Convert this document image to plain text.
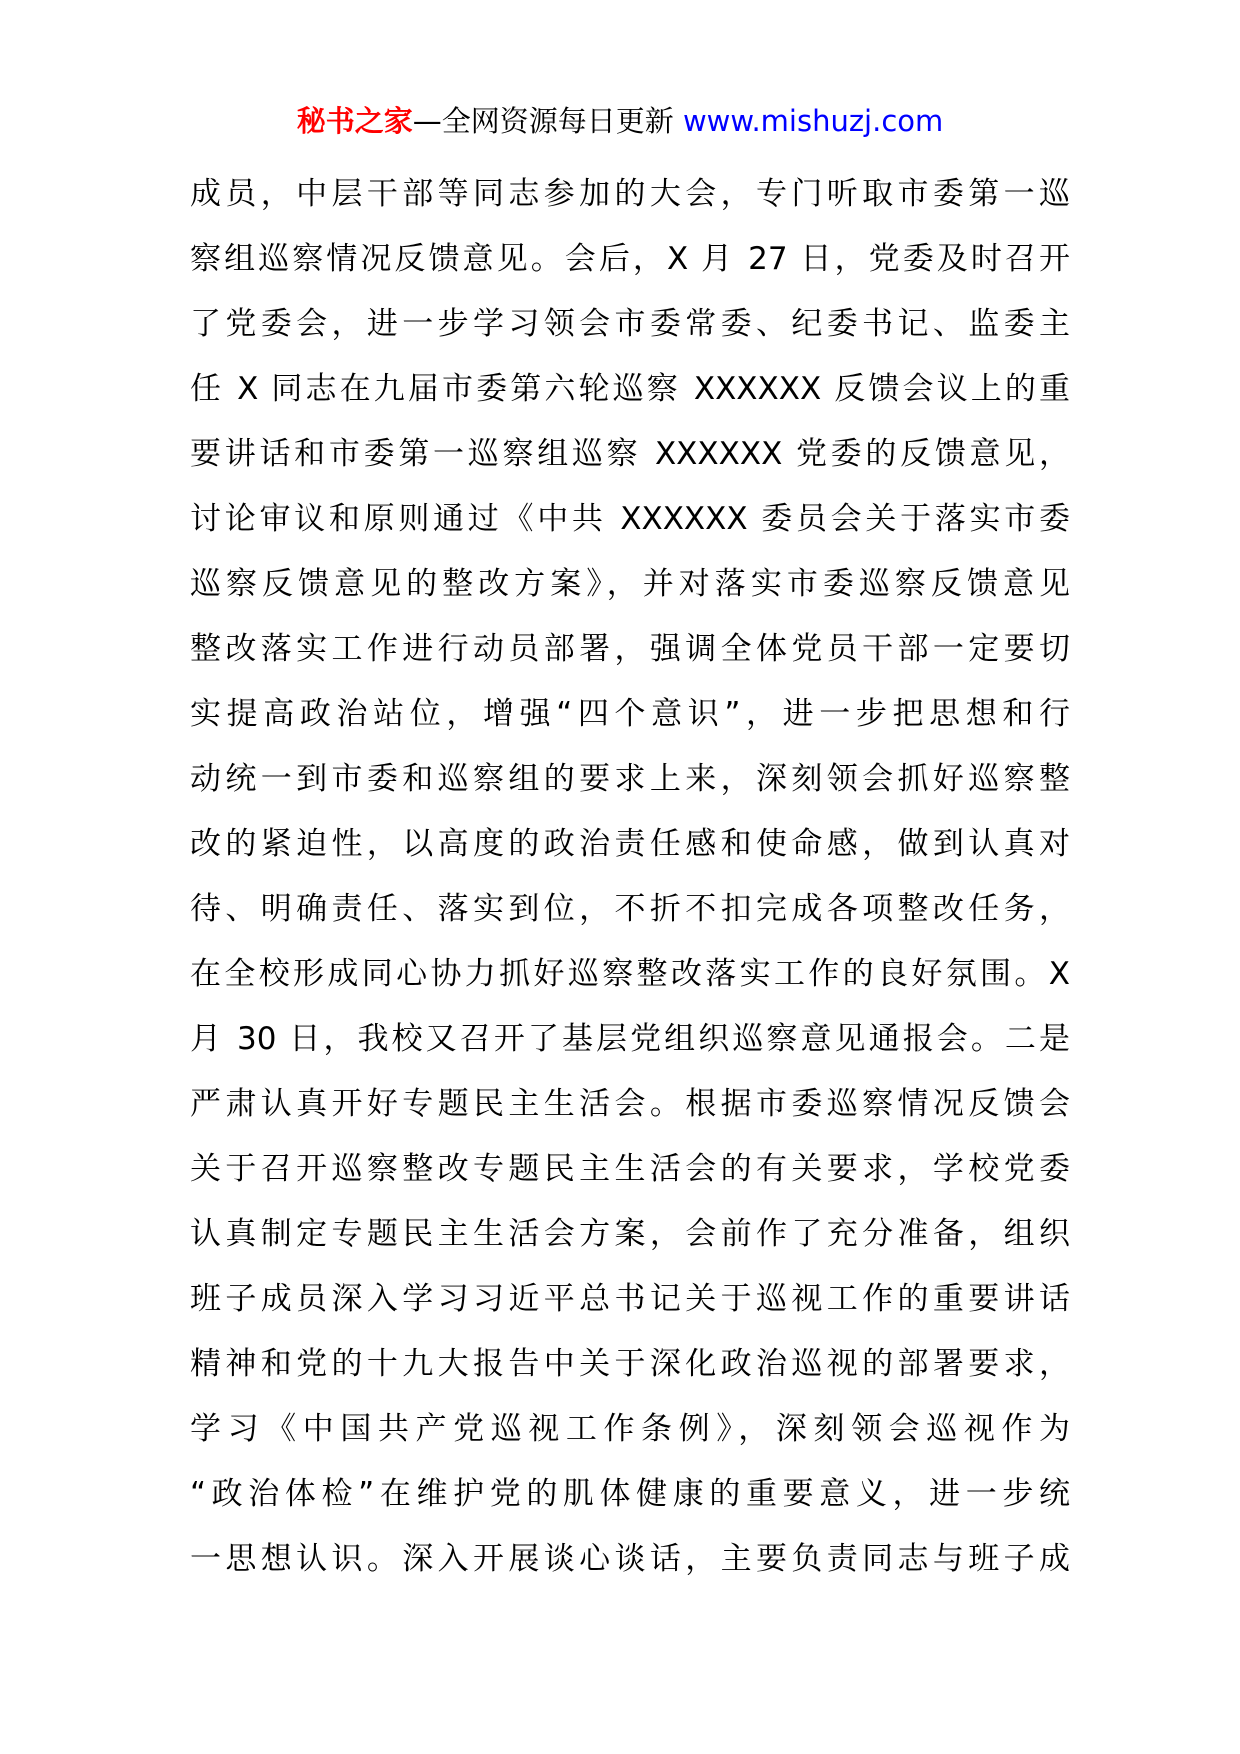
秘书之家—全网资源每日更新 www.mishuzj.com
成员，中层干部等同志参加的大会，专门听取市委第一巡
察组巡察情况反馈意见。会后，X 月 27 日，党委及时召开
了党委会，进一步学习领会市委常委、纪委书记、监委主
任 X 同志在九届市委第六轮巡察 XXXXXX 反馈会议上的重
要讲话和市委第一巡察组巡察 XXXXXX 党委的反馈意见，
讨论审议和原则通过《中共 XXXXXX 委员会关于落实市委
巡察反馈意见的整改方案》，并对落实市委巡察反馈意见
整改落实工作进行动员部署，强调全体党员干部一定要切
实提高政治站位，增强“四个意识”，进一步把思想和行
动统一到市委和巡察组的要求上来，深刻领会抓好巡察整
改的紧迫性，以高度的政治责任感和使命感，做到认真对
待、明确责任、落实到位，不折不扣完成各项整改任务，
在全校形成同心协力抓好巡察整改落实工作的良好氛围。X
月 30 日，我校又召开了基层党组织巡察意见通报会。二是
严肃认真开好专题民主生活会。根据市委巡察情况反馈会
关于召开巡察整改专题民主生活会的有关要求，学校党委
认真制定专题民主生活会方案，会前作了充分准备，组织
班子成员深入学习习近平总书记关于巡视工作的重要讲话
精神和党的十九大报告中关于深化政治巡视的部署要求，
学习《中国共产党巡视工作条例》，深刻领会巡视作为
“政治体检”在维护党的肌体健康的重要意义，进一步统
一思想认识。深入开展谈心谈话，主要负责同志与班子成
